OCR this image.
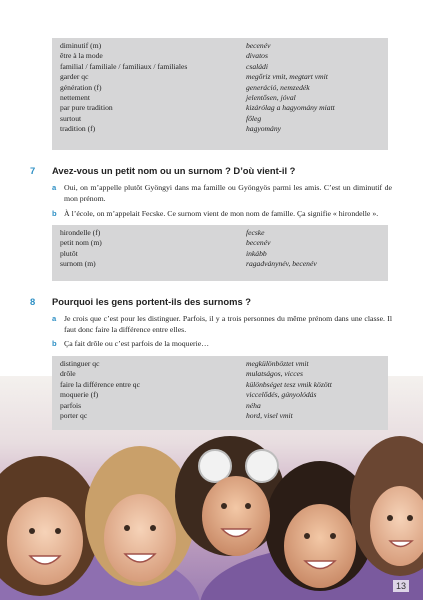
diminutif (m)	becenév
être à la mode	divatos
familial / familiale / familiaux / familiales	családi
garder qc	megőriz vmit, megtart vmit
génération (f)	generáció, nemzedék
nettement	jelentősen, jóval
par pure tradition	kizárólag a hagyomány miatt
surtout	főleg
tradition (f)	hagyomány
7	Avez-vous un petit nom ou un surnom ? D’où vient-il ?
a Oui, on m’appelle plutôt Gyöngyi dans ma famille ou Gyöngyös parmi les amis. C’est un diminutif de mon prénom.
b À l’école, on m’appelait Fecske. Ce surnom vient de mon nom de famille. Ça signifie « hirondelle ».
hirondelle (f)	fecske
petit nom (m)	becenév
plutôt	inkább
surnom (m)	ragadványnév, becenév
8	Pourquoi les gens portent-ils des surnoms ?
a Je crois que c’est pour les distinguer. Parfois, il y a trois personnes du même prénom dans une classe. Il faut donc faire la différence entre elles.
b Ça fait drôle ou c’est parfois de la moquerie…
distinguer qc	megkülönböztet vmit
drôle	mulatságos, vicces
faire la différence entre qc	különbséget tesz vmik között
moquerie (f)	viccelődés, gúnyolódás
parfois	néha
porter qc	hord, visel vmit
13
